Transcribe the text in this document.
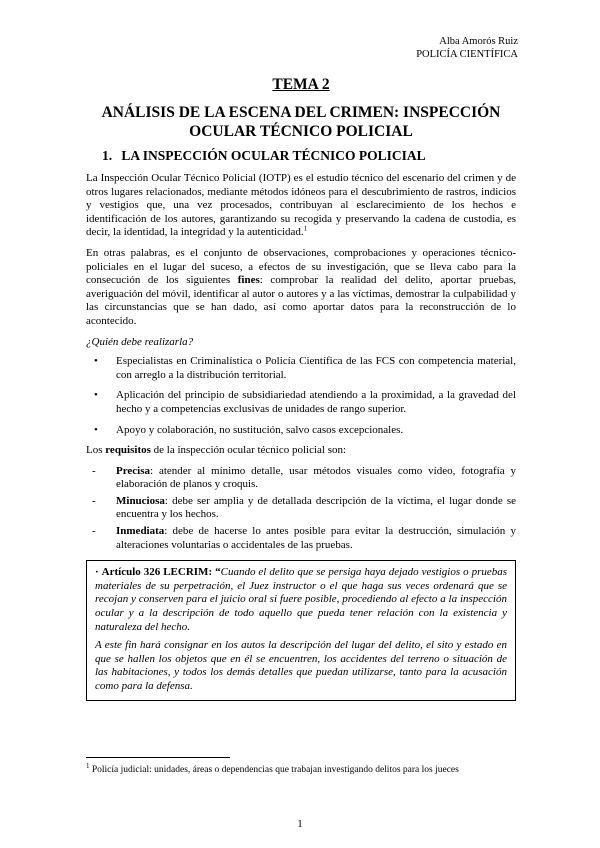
Alba Amorós Ruiz
POLICÍA CIENTÍFICA
TEMA 2
ANÁLISIS DE LA ESCENA DEL CRIMEN: INSPECCIÓN
OCULAR TÉCNICO POLICIAL
1. LA INSPECCIÓN OCULAR TÉCNICO POLICIAL

La Inspección Ocular Técnico Policial (IOTP) es el estudio técnico del escenario del crimen y de otros lugares relacionados, mediante métodos idóneos para el descubrimiento de rastros, indicios y vestigios que, una vez procesados, contribuyan al esclarecimiento de los hechos e identificación de los autores, garantizando su recogida y preservando la cadena de custodia, es decir, la identidad, la integridad y la autenticidad.$^1$

En otras palabras, es el conjunto de observaciones, comprobaciones y operaciones técnico-policiales en el lugar del suceso, a efectos de su investigación, que se lleva cabo para la consecución de los siguientes fines: comprobar la realidad del delito, aportar pruebas, averiguación del móvil, identificar al autor o autores y a las víctimas, demostrar la culpabilidad y las circunstancias que se han dado, así como aportar datos para la reconstrucción de lo acontecido.

¿Quién debe realizarla?

• Especialistas en Criminalística o Policía Científica de las FCS con competencia material, con arreglo a la distribución territorial.
• Aplicación del principio de subsidiariedad atendiendo a la proximidad, a la gravedad del hecho y a competencias exclusivas de unidades de rango superior.
• Apoyo y colaboración, no sustitución, salvo casos excepcionales.

Los requisitos de la inspección ocular técnico policial son:

- Precisa: atender al mínimo detalle, usar métodos visuales como vídeo, fotografía y elaboración de planos y croquis.
- Minuciosa: debe ser amplia y de detallada descripción de la víctima, el lugar donde se encuentra y los hechos.
- Inmediata: debe de hacerse lo antes posible para evitar la destrucción, simulación y alteraciones voluntarias o accidentales de las pruebas.

· Artículo 326 LECRIM: “Cuando el delito que se persiga haya dejado vestigios o pruebas materiales de su perpetración, el Juez instructor o el que haga sus veces ordenará que se recojan y conserven para el juicio oral si fuere posible, procediendo al efecto a la inspección ocular y a la descripción de todo aquello que pueda tener relación con la existencia y naturaleza del hecho.

A este fin hará consignar en los autos la descripción del lugar del delito, el sito y estado en que se hallen los objetos que en él se encuentren, los accidentes del terreno o situación de las habitaciones, y todos los demás detalles que puedan utilizarse, tanto para la acusación como para la defensa.

$^1$ Policía judicial: unidades, áreas o dependencias que trabajan investigando delitos para los jueces
1
